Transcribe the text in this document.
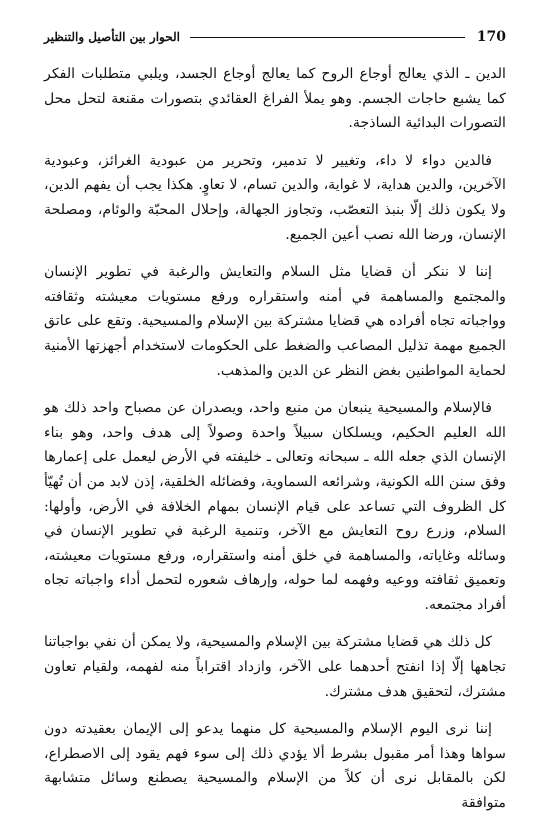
170
الحوار بين التأصيل والتنظير

الدين ـ الذي يعالج أوجاع الروح كما يعالج أوجاع الجسد، ويلبي متطلبات الفكر كما يشبع حاجات الجسم. وهو يملأ الفراغ العقائدي بتصورات مقنعة لتحل محل التصورات البدائية الساذجة.

فالدين دواء لا داء، وتغيير لا تدمير، وتحرير من عبودية الغرائز، وعبودية الآخرين، والدين هداية، لا غواية، والدين تسام، لا تعاوٍ. هكذا يجب أن يفهم الدين، ولا يكون ذلك إلّا بنبذ التعصّب، وتجاوز الجهالة، وإحلال المحبّة والوئام، ومصلحة الإنسان، ورضا الله نصب أعين الجميع.

إننا لا ننكر أن قضايا مثل السلام والتعايش والرغبة في تطوير الإنسان والمجتمع والمساهمة في أمنه واستقراره ورفع مستويات معيشته وثقافته وواجباته تجاه أفراده هي قضايا مشتركة بين الإسلام والمسيحية. وتقع على عاتق الجميع مهمة تذليل المصاعب والضغط على الحكومات لاستخدام أجهزتها الأمنية لحماية المواطنين بغض النظر عن الدين والمذهب.

فالإسلام والمسيحية ينبعان من منبع واحد، ويصدران عن مصباح واحد ذلك هو الله العليم الحكيم، ويسلكان سبيلاً واحدة وصولاً إلى هدف واحد، وهو بناء الإنسان الذي جعله الله ـ سبحانه وتعالى ـ خليفته في الأرض ليعمل على إعمارها وفق سنن الله الكونية، وشرائعه السماوية، وفضائله الخلقية، إذن لابد من أن تُهيّأ كل الظروف التي تساعد على قيام الإنسان بمهام الخلافة في الأرض، وأولها: السلام، وزرع روح التعايش مع الآخر، وتنمية الرغبة في تطوير الإنسان في وسائله وغاياته، والمساهمة في خلق أمنه واستقراره، ورفع مستويات معيشته، وتعميق ثقافته ووعيه وفهمه لما حوله، وإرهاف شعوره لتحمل أداء واجباته تجاه أفراد مجتمعه.

كل ذلك هي قضايا مشتركة بين الإسلام والمسيحية، ولا يمكن أن نفي بواجباتنا تجاهها إلّا إذا انفتح أحدهما على الآخر، وازداد اقتراباً منه لفهمه، ولقيام تعاون مشترك، لتحقيق هدف مشترك.

إننا نرى اليوم الإسلام والمسيحية كل منهما يدعو إلى الإيمان بعقيدته دون سواها وهذا أمر مقبول بشرط ألا يؤدي ذلك إلى سوء فهم يقود إلى الاصطراع، لكن بالمقابل نرى أن كلاً من الإسلام والمسيحية يصطنع وسائل متشابهة متوافقة
